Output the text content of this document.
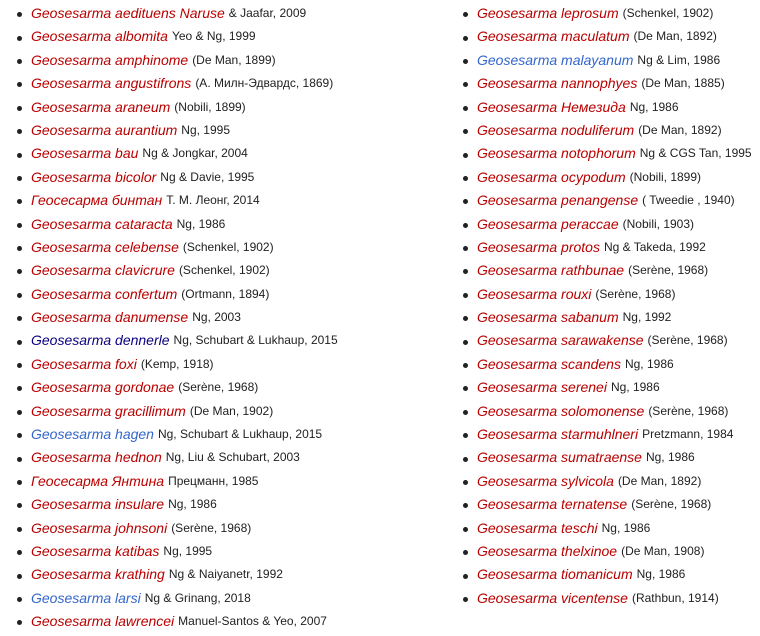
Geosesarma aedituens Naruse & Jaafar, 2009
Geosesarma albomita Yeo & Ng, 1999
Geosesarma amphinome (De Man, 1899)
Geosesarma angustifrons (А. Милн-Эдвардс, 1869)
Geosesarma araneum (Nobili, 1899)
Geosesarma aurantium Ng, 1995
Geosesarma bau Ng & Jongkar, 2004
Geosesarma bicolor Ng & Davie, 1995
Геосесарма бинтан Т. М. Леонг, 2014
Geosesarma cataracta Ng, 1986
Geosesarma celebense (Schenkel, 1902)
Geosesarma clavicrure (Schenkel, 1902)
Geosesarma confertum (Ortmann, 1894)
Geosesarma danumense Ng, 2003
Geosesarma dennerle Ng, Schubart & Lukhaup, 2015
Geosesarma foxi (Kemp, 1918)
Geosesarma gordonae (Serène, 1968)
Geosesarma gracillimum (De Man, 1902)
Geosesarma hagen Ng, Schubart & Lukhaup, 2015
Geosesarma hednon Ng, Liu & Schubart, 2003
Геосесарма Янтина Прецманн, 1985
Geosesarma insulare Ng, 1986
Geosesarma johnsoni (Serène, 1968)
Geosesarma katibas Ng, 1995
Geosesarma krathing Ng & Naiyanetr, 1992
Geosesarma larsi Ng & Grinang, 2018
Geosesarma lawrencei Manuel-Santos & Yeo, 2007
Geosesarma leprosum (Schenkel, 1902)
Geosesarma maculatum (De Man, 1892)
Geosesarma malayanum Ng & Lim, 1986
Geosesarma nannophyes (De Man, 1885)
Geosesarma Немезида Ng, 1986
Geosesarma noduliferum (De Man, 1892)
Geosesarma notophorum Ng & CGS Tan, 1995
Geosesarma ocypodum (Nobili, 1899)
Geosesarma penangense ( Tweedie , 1940)
Geosesarma peraccae (Nobili, 1903)
Geosesarma protos Ng & Takeda, 1992
Geosesarma rathbunae (Serène, 1968)
Geosesarma rouxi (Serène, 1968)
Geosesarma sabanum Ng, 1992
Geosesarma sarawakense (Serène, 1968)
Geosesarma scandens Ng, 1986
Geosesarma serenei Ng, 1986
Geosesarma solomonense (Serène, 1968)
Geosesarma starmuhlneri Pretzmann, 1984
Geosesarma sumatraense Ng, 1986
Geosesarma sylvicola (De Man, 1892)
Geosesarma ternatense (Serène, 1968)
Geosesarma teschi Ng, 1986
Geosesarma thelxinoe (De Man, 1908)
Geosesarma tiomanicum Ng, 1986
Geosesarma vicentense (Rathbun, 1914)
